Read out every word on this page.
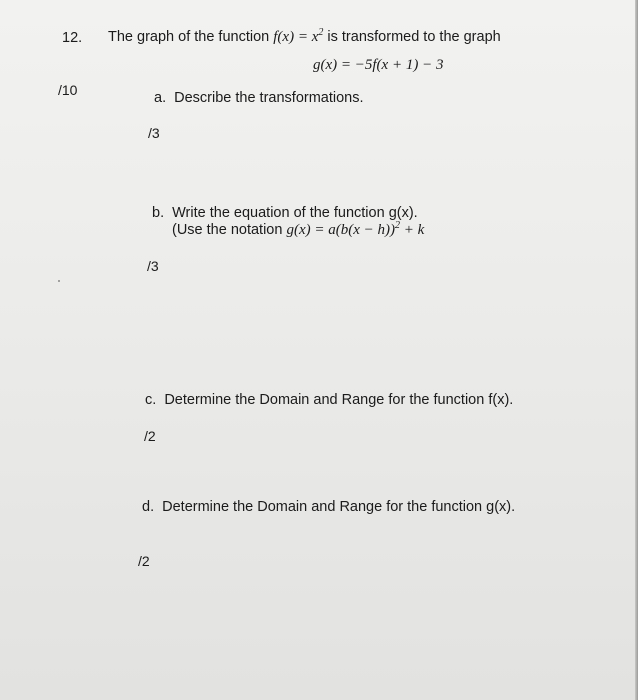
12. The graph of the function $f(x) = x^2$ is transformed to the graph
g(x) = −5f(x + 1) − 3
/10	a. Describe the transformations.
/3
b. Write the equation of the function g(x).
(Use the notation $g(x) = a(b(x - h))^2 + k$
/3
c. Determine the Domain and Range for the function f(x).
/2
d. Determine the Domain and Range for the function g(x).
/2
